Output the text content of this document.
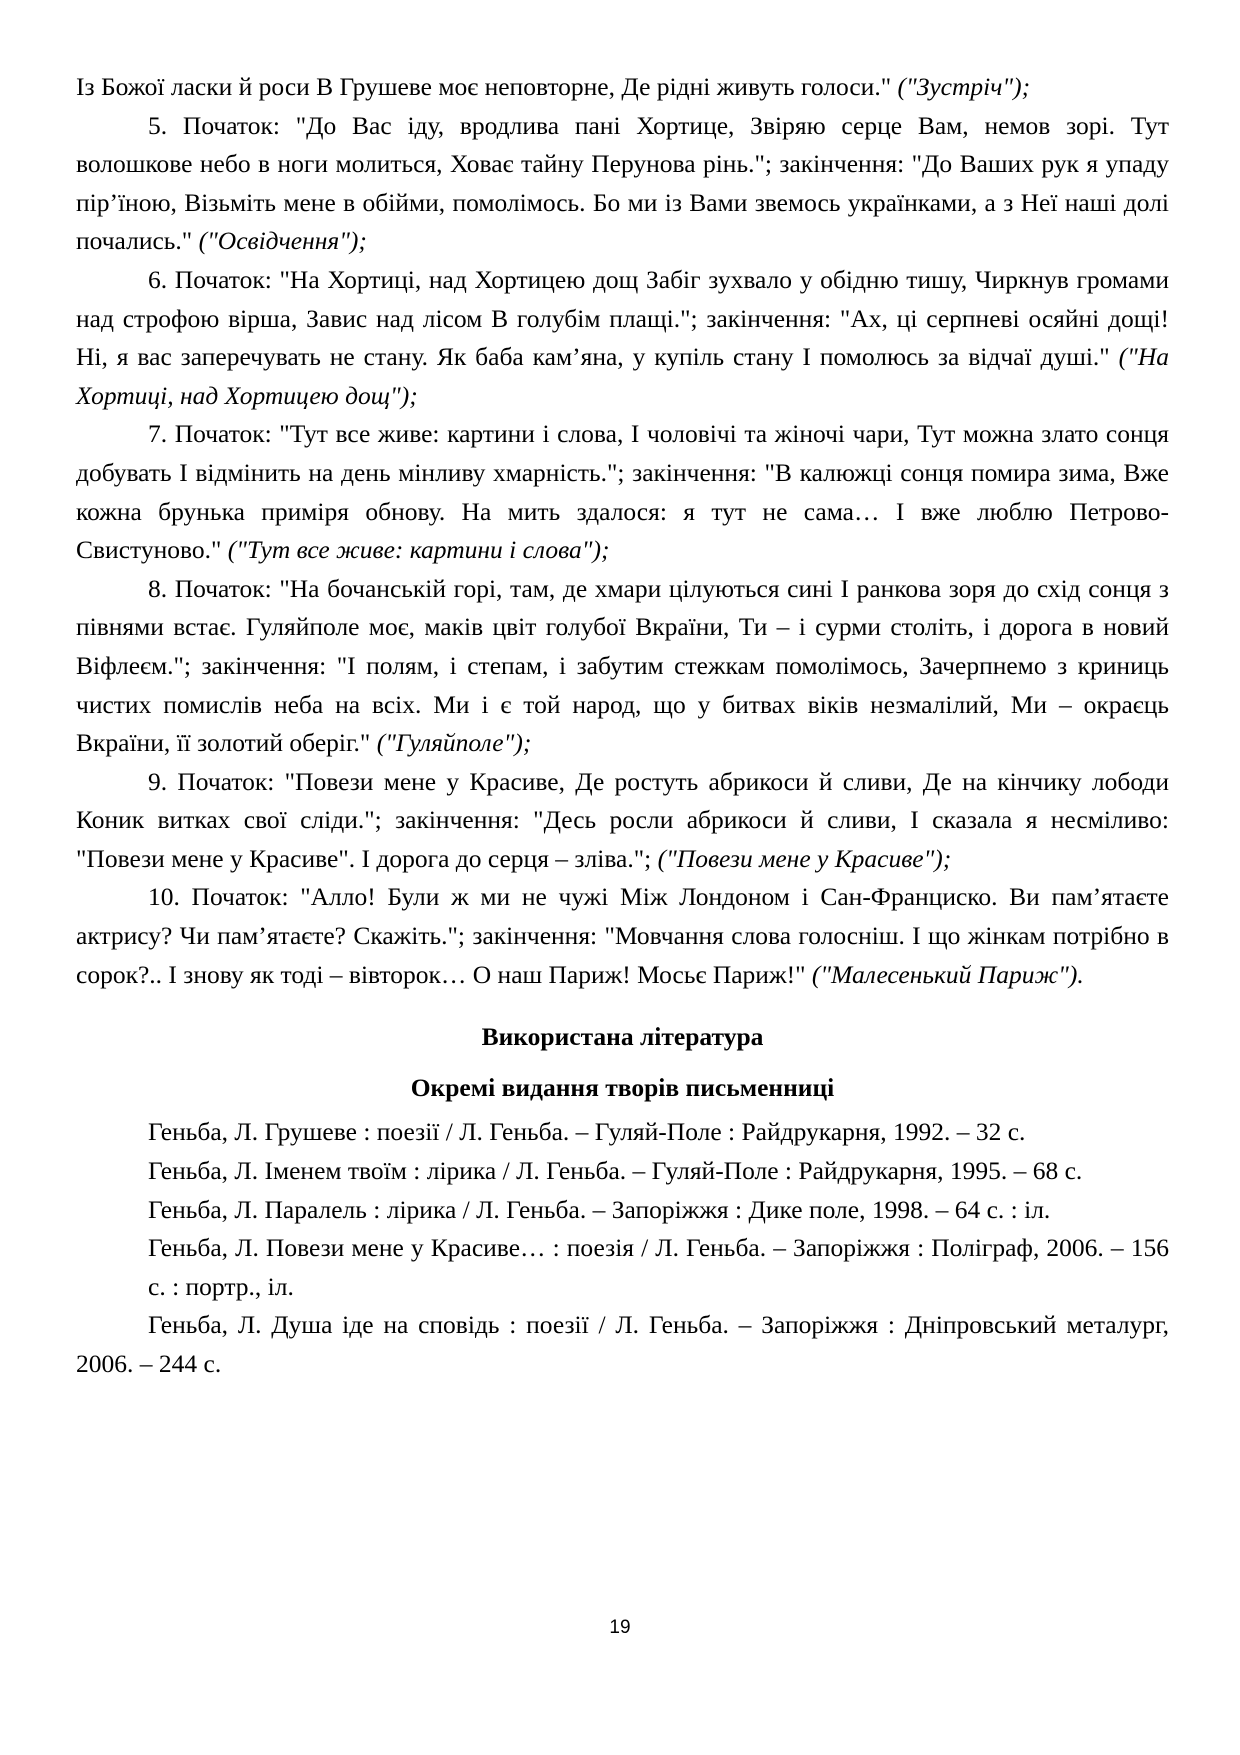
Із Божої ласки й роси В Грушеве моє неповторне, Де рідні живуть голоси." ("Зустріч");

5. Початок: "До Вас іду, вродлива пані Хортице, Звіряю серце Вам, немов зорі. Тут волошкове небо в ноги молиться, Ховає тайну Перунова рінь."; закінчення: "До Ваших рук я упаду пір’їною, Візьміть мене в обійми, помолімось. Бо ми із Вами звемось українками, а з Неї наші долі почались." ("Освідчення");

6. Початок: "На Хортиці, над Хортицею дощ Забіг зухвало у обідню тишу, Чиркнув громами над строфою вірша, Завис над лісом В голубім плащі."; закінчення: "Ах, ці серпневі осяйні дощі! Ні, я вас заперечувать не стану. Як баба кам’яна, у купіль стану І помолюсь за відчаї душі." ("На Хортиці, над Хортицею дощ");

7. Початок: "Тут все живе: картини і слова, І чоловічі та жіночі чари, Тут можна злато сонця добувать І відмінить на день мінливу хмарність."; закінчення: "В калюжці сонця помира зима, Вже кожна брунька приміря обнову. На мить здалося: я тут не сама… І вже люблю Петрово-Свистуново." ("Тут все живе: картини і слова");

8. Початок: "На бочанській горі, там, де хмари цілуються сині І ранкова зоря до схід сонця з півнями встає. Гуляйполе моє, маків цвіт голубої Вкраїни, Ти – і сурми століть, і дорога в новий Віфлеєм."; закінчення: "І полям, і степам, і забутим стежкам помолімось, Зачерпнемо з криниць чистих помислів неба на всіх. Ми і є той народ, що у битвах віків незмалілий, Ми – окраєць Вкраїни, її золотий оберіг." ("Гуляйполе");

9. Початок: "Повези мене у Красиве, Де ростуть абрикоси й сливи, Де на кінчику лободи Коник витках свої сліди."; закінчення: "Десь росли абрикоси й сливи, І сказала я несміливо: "Повези мене у Красиве". І дорога до серця – зліва."; ("Повези мене у Красиве");

10. Початок: "Алло! Були ж ми не чужі Між Лондоном і Сан-Франциско. Ви пам’ятаєте актрису? Чи пам’ятаєте? Скажіть."; закінчення: "Мовчання слова голосніш. І що жінкам потрібно в сорок?.. І знову як тоді – вівторок… О наш Париж! Мосьє Париж!" ("Малесенький Париж").

Використана література

Окремі видання творів письменниці

Геньба, Л. Грушеве : поезії / Л. Геньба. – Гуляй-Поле : Райдрукарня, 1992. – 32 с.

Геньба, Л. Іменем твоїм : лірика / Л. Геньба. – Гуляй-Поле : Райдрукарня, 1995. – 68 с.

Геньба, Л. Паралель : лірика / Л. Геньба. – Запоріжжя : Дике поле, 1998. – 64 с. : іл.

Геньба, Л. Повези мене у Красиве… : поезія / Л. Геньба. – Запоріжжя : Поліграф, 2006. – 156 с. : портр., іл.

Геньба, Л. Душа іде на сповідь : поезії / Л. Геньба. – Запоріжжя : Дніпровський металург, 2006. – 244 с.

19
